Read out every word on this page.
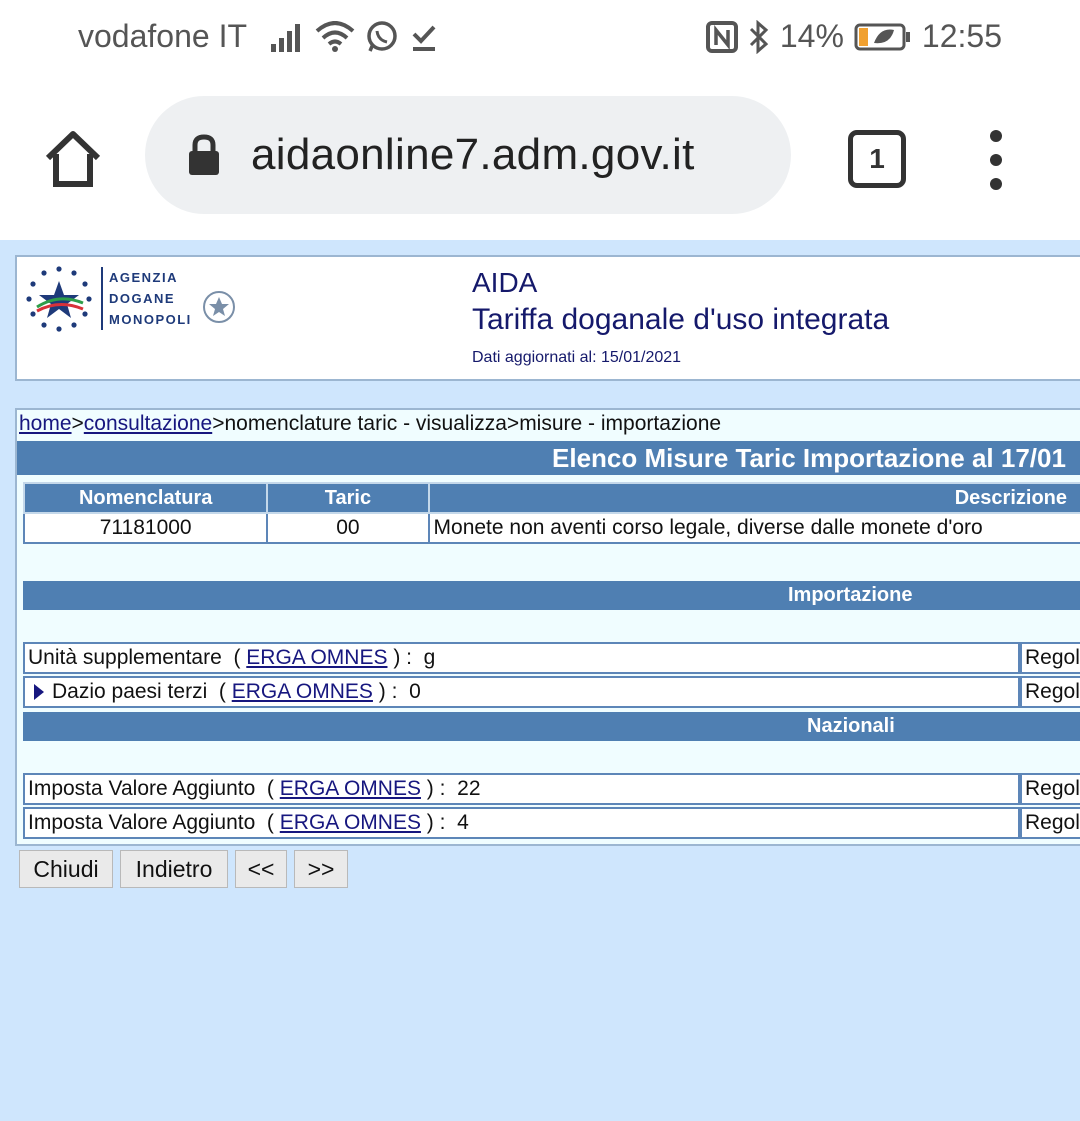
vodafone IT	14% 12:55
aidaonline7.adm.gov.it	1
AGENZIA
DOGANE
MONOPOLI
AIDA
Tariffa doganale d'uso integrata
Dati aggiornati al: 15/01/2021
home>consultazione>nomenclature taric - visualizza>misure - importazione
Elenco Misure Taric Importazione al 17/01
Nomenclatura	Taric	Descrizione
71181000	00	Monete non aventi corso legale, diverse dalle monete d'oro
Importazione
Unità supplementare  ( ERGA OMNES ) :  g	Regol
Dazio paesi terzi  ( ERGA OMNES ) :  0	Regol
Nazionali
Imposta Valore Aggiunto  ( ERGA OMNES ) :  22	Regol
Imposta Valore Aggiunto  ( ERGA OMNES ) :  4	Regol
Chiudi	Indietro	<<	>>
